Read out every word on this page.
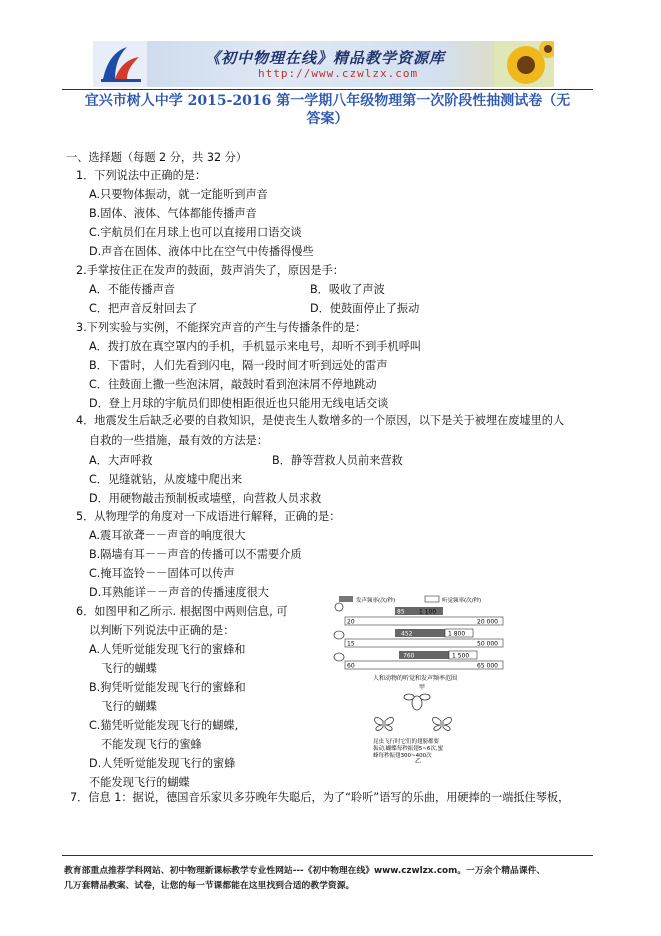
《初中物理在线》精品教学资源库
http://www.czwlzx.com
宜兴市树人中学 2015-2016 第一学期八年级物理第一次阶段性抽测试卷（无
答案）
一、选择题（每题 2 分，共 32 分）
1．下列说法中正确的是：
A.只要物体振动，就一定能听到声音
B.固体、液体、气体都能传播声音
C.宇航员们在月球上也可以直接用口语交谈
D.声音在固体、液体中比在空气中传播得慢些
2.手掌按住正在发声的鼓面，鼓声消失了，原因是手：
A．不能传播声音	B．吸收了声波
C．把声音反射回去了	D．使鼓面停止了振动
3.下列实验与实例，不能探究声音的产生与传播条件的是：
A．拨打放在真空罩内的手机，手机显示来电号，却听不到手机呼叫
B．下雷时，人们先看到闪电，隔一段时间才听到远处的雷声
C．往鼓面上撒一些泡沫屑，敲鼓时看到泡沫屑不停地跳动
D．登上月球的宇航员们即使相距很近也只能用无线电话交谈
4．地震发生后缺乏必要的自救知识，是使丧生人数增多的一个原因，以下是关于被埋在废墟里的人
自救的一些措施，最有效的方法是：
A．大声呼救	B．静等营救人员前来营救
C．见缝就钻，从废墟中爬出来
D．用硬物敲击预制板或墙壁，向营救人员求救
5．从物理学的角度对一下成语进行解释，正确的是：
A.震耳欲聋－－声音的响度很大
B.隔墙有耳－－声音的传播可以不需要介质
C.掩耳盗铃－－固体可以传声
D.耳熟能详－－声音的传播速度很大
6．如图甲和乙所示. 根据图中两则信息, 可
以判断下列说法中正确的是：
A.人凭听觉能发现飞行的蜜蜂和
飞行的蝴蝶
B.狗凭听觉能发现飞行的蜜蜂和
飞行的蝴蝶
C.猫凭听觉能发现飞行的蝴蝶,
不能发现飞行的蜜蜂
D.人凭听觉能发现飞行的蜜蜂
不能发现飞行的蝴蝶
发声频率(次/秒)	听觉频率(次/秒)
85 1 100
20	20 000
452	1 800
15	50 000
760	1 500
60	65 000
人和动物的听觉和发声频率范围
甲
昆虫飞行时它们的翅膀都要
振动,蝴蝶每秒振翅5~6次,蜜
蜂每秒振翅300~400次
乙
7．信息 1：据说，德国音乐家贝多芬晚年失聪后，为了“聆听”语写的乐曲，用硬捧的一端抵住琴板，
教育部重点推荐学科网站、初中物理新课标教学专业性网站---《初中物理在线》www.czwlzx.com。一万余个精品课件、
几万套精品教案、试卷，让您的每一节课都能在这里找到合适的教学资源。
